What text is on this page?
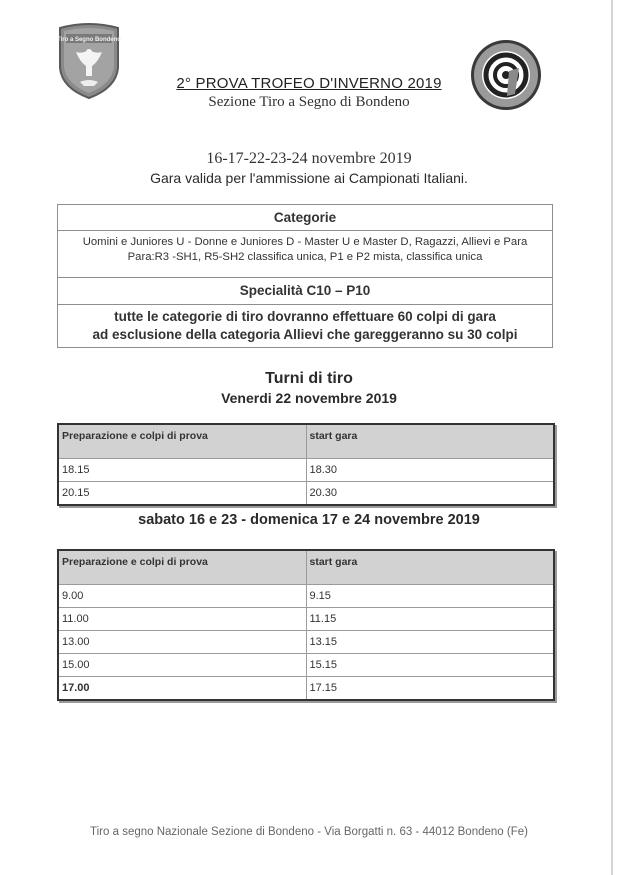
Tiro a Segno Bondeno
2° PROVA TROFEO D'INVERNO 2019
Sezione Tiro a Segno di Bondeno
16-17-22-23-24 novembre 2019
Gara valida per l'ammissione ai Campionati Italiani.
Categorie
Uomini e Juniores U - Donne e Juniores D - Master U e Master D, Ragazzi, Allievi e Para
Para:R3 -SH1, R5-SH2 classifica unica, P1 e P2 mista, classifica unica
Specialità C10 – P10
tutte le categorie di tiro dovranno effettuare 60 colpi di gara
ad esclusione della categoria Allievi che gareggeranno su 30 colpi
Turni di tiro
Venerdi 22 novembre 2019
Preparazione e colpi di prova	start gara
18.15	18.30
20.15	20.30
sabato 16 e 23 - domenica 17 e 24 novembre 2019
Preparazione e colpi di prova	start gara
9.00	9.15
11.00	11.15
13.00	13.15
15.00	15.15
17.00	17.15
Tiro a segno Nazionale Sezione di Bondeno - Via Borgatti n. 63 - 44012 Bondeno (Fe)
